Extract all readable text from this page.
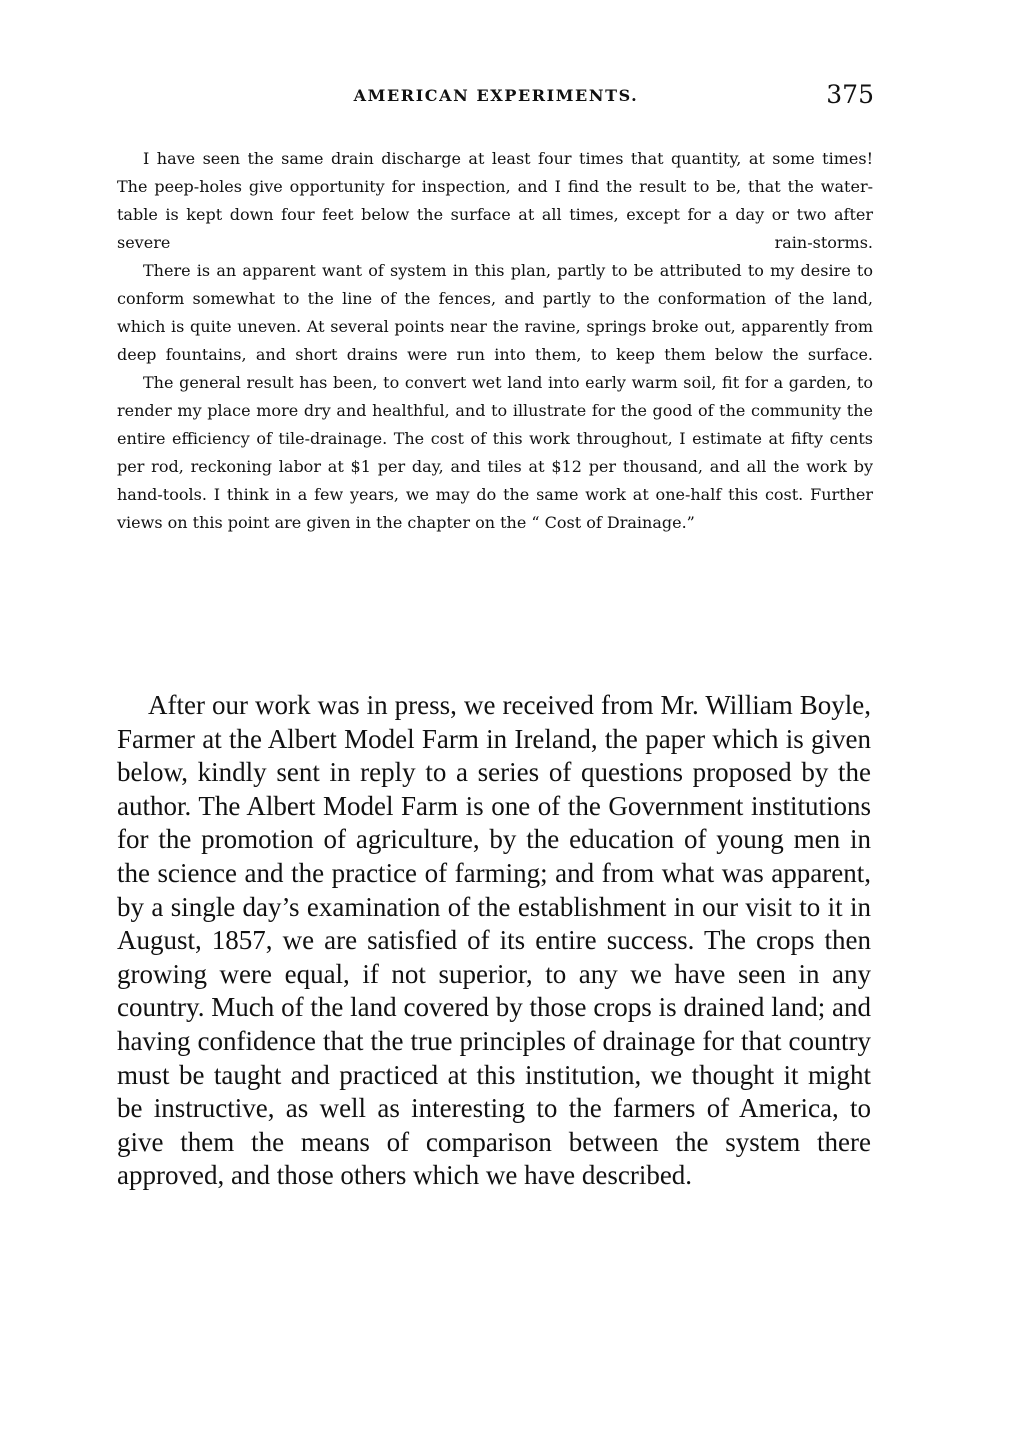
AMERICAN EXPERIMENTS.	375

I have seen the same drain discharge at least four times that quantity, at some times! The peep-holes give opportunity for inspection, and I find the result to be, that the water-table is kept down four feet below the surface at all times, except for a day or two after severe rain-storms.

There is an apparent want of system in this plan, partly to be attributed to my desire to conform somewhat to the line of the fences, and partly to the conformation of the land, which is quite uneven. At several points near the ravine, springs broke out, apparently from deep fountains, and short drains were run into them, to keep them below the surface.

The general result has been, to convert wet land into early warm soil, fit for a garden, to render my place more dry and healthful, and to illustrate for the good of the community the entire efficiency of tile-drainage. The cost of this work throughout, I estimate at fifty cents per rod, reckoning labor at $1 per day, and tiles at $12 per thousand, and all the work by hand-tools. I think in a few years, we may do the same work at one-half this cost. Further views on this point are given in the chapter on the “ Cost of Drainage.”

After our work was in press, we received from Mr. William Boyle, Farmer at the Albert Model Farm in Ireland, the paper which is given below, kindly sent in reply to a series of questions proposed by the author. The Albert Model Farm is one of the Government institutions for the promotion of agriculture, by the education of young men in the science and the practice of farming; and from what was apparent, by a single day’s examination of the establishment in our visit to it in August, 1857, we are satisfied of its entire success. The crops then growing were equal, if not superior, to any we have seen in any country. Much of the land covered by those crops is drained land; and having confidence that the true principles of drainage for that country must be taught and practiced at this institution, we thought it might be instructive, as well as interesting to the farmers of America, to give them the means of comparison between the system there approved, and those others which we have described.
